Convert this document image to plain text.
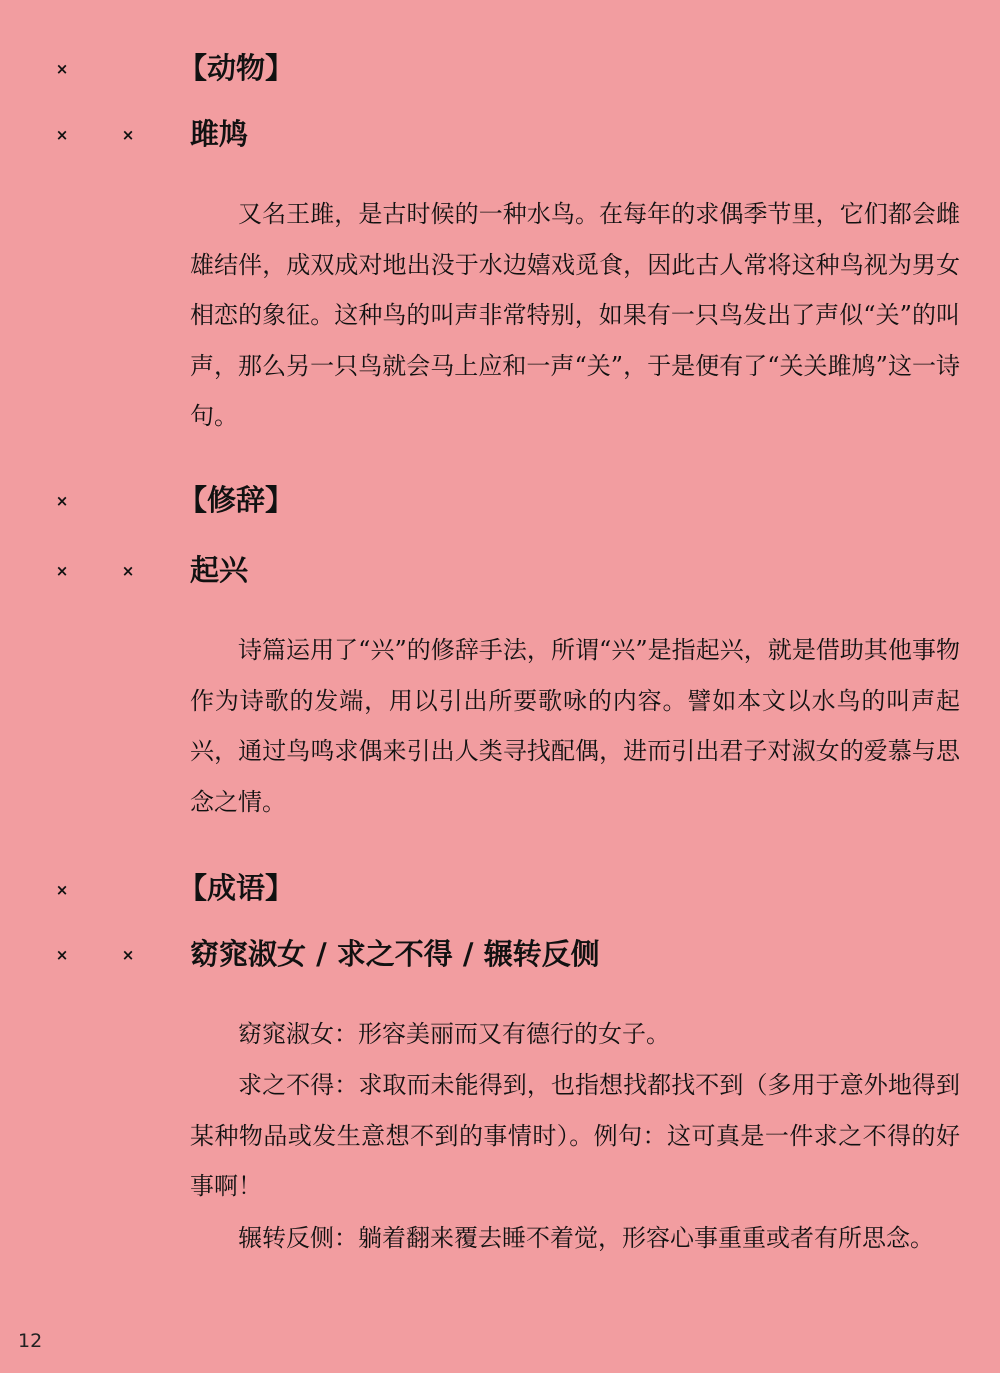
×	【动物】
×	× 雎鸠

又名王雎，是古时候的一种水鸟。在每年的求偶季节里，它们都会雌雄结伴，成双成对地出没于水边嬉戏觅食，因此古人常将这种鸟视为男女相恋的象征。这种鸟的叫声非常特别，如果有一只鸟发出了声似“关”的叫声，那么另一只鸟就会马上应和一声“关”，于是便有了“关关雎鸠”这一诗句。

×	【修辞】
×	× 起兴

诗篇运用了“兴”的修辞手法，所谓“兴”是指起兴，就是借助其他事物作为诗歌的发端，用以引出所要歌咏的内容。譬如本文以水鸟的叫声起兴，通过鸟鸣求偶来引出人类寻找配偶，进而引出君子对淑女的爱慕与思念之情。

×	【成语】
×	× 窈窕淑女 / 求之不得 / 辗转反侧

窈窕淑女：形容美丽而又有德行的女子。

求之不得：求取而未能得到，也指想找都找不到（多用于意外地得到某种物品或发生意想不到的事情时）。例句：这可真是一件求之不得的好事啊！

辗转反侧：躺着翻来覆去睡不着觉，形容心事重重或者有所思念。

12
